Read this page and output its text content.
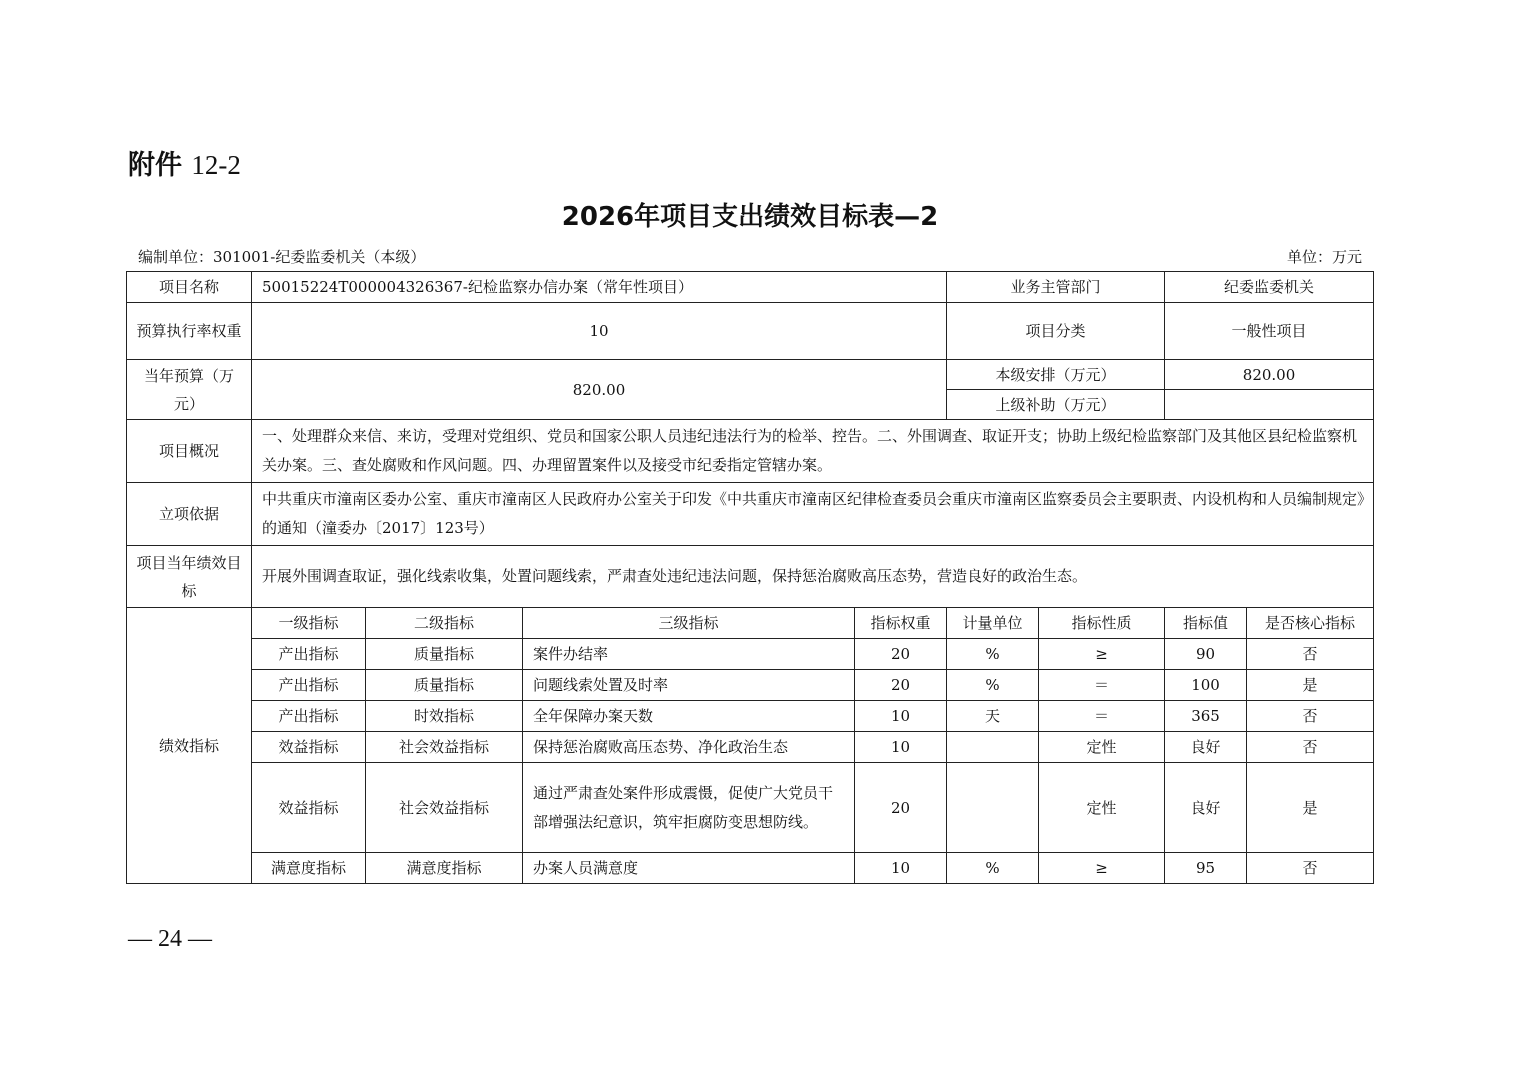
附件 12-2
2026年项目支出绩效目标表—2
编制单位：301001-纪委监委机关（本级）	单位：万元
项目名称	50015224T000004326367-纪检监察办信办案（常年性项目）				业务主管部门		纪委监委机关	
预算执行率权重	10				项目分类		一般性项目	
当年预算（万元）	820.00				本级安排（万元）		820.00	
					上级补助（万元）			
项目概况	一、处理群众来信、来访，受理对党组织、党员和国家公职人员违纪违法行为的检举、控告。二、外围调查、取证开支；协助上级纪检监察部门及其他区县纪检监察机关办案。三、查处腐败和作风问题。四、办理留置案件以及接受市纪委指定管辖办案。							
立项依据	中共重庆市潼南区委办公室、重庆市潼南区人民政府办公室关于印发《中共重庆市潼南区纪律检查委员会重庆市潼南区监察委员会主要职责、内设机构和人员编制规定》的通知（潼委办〔2017〕123号）							
项目当年绩效目标	开展外围调查取证，强化线索收集，处置问题线索，严肃查处违纪违法问题，保持惩治腐败高压态势，营造良好的政治生态。							
绩效指标	一级指标	二级指标	三级指标	指标权重	计量单位	指标性质	指标值	是否核心指标
	产出指标	质量指标	案件办结率	20	%	≥	90	否
	产出指标	质量指标	问题线索处置及时率	20	%	＝	100	是
	产出指标	时效指标	全年保障办案天数	10	天	＝	365	否
	效益指标	社会效益指标	保持惩治腐败高压态势、净化政治生态	10		定性	良好	否
	效益指标	社会效益指标	通过严肃查处案件形成震慑，促使广大党员干部增强法纪意识，筑牢拒腐防变思想防线。	20		定性	良好	是
	满意度指标	满意度指标	办案人员满意度	10	%	≥	95	否
— 24 —
